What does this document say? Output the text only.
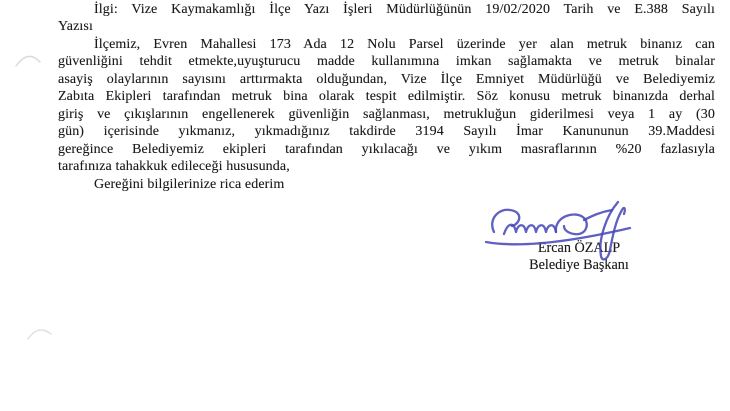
İlgi: Vize Kaymakamlığı İlçe Yazı İşleri Müdürlüğünün 19/02/2020 Tarih ve E.388 Sayılı
Yazısı
İlçemiz, Evren Mahallesi 173 Ada 12 Nolu Parsel üzerinde yer alan metruk binanız can
güvenliğini tehdit etmekte,uyuşturucu madde kullanımına imkan sağlamakta ve metruk binalar
asayiş olaylarının sayısını arttırmakta olduğundan, Vize İlçe Emniyet Müdürlüğü ve Belediyemiz
Zabıta Ekipleri tarafından metruk bina olarak tespit edilmiştir. Söz konusu metruk binanızda derhal
giriş ve çıkışlarının engellenerek güvenliğin sağlanması, metrukluğun giderilmesi veya 1 ay (30
gün) içerisinde yıkmanız, yıkmadığınız takdirde 3194 Sayılı İmar Kanununun 39.Maddesi
gereğince Belediyemiz ekipleri tarafından yıkılacağı ve yıkım masraflarının %20 fazlasıyla
tarafınıza tahakkuk edileceği hususunda,
Gereğini bilgilerinize rica ederim
Ercan ÖZALP
Belediye Başkanı
